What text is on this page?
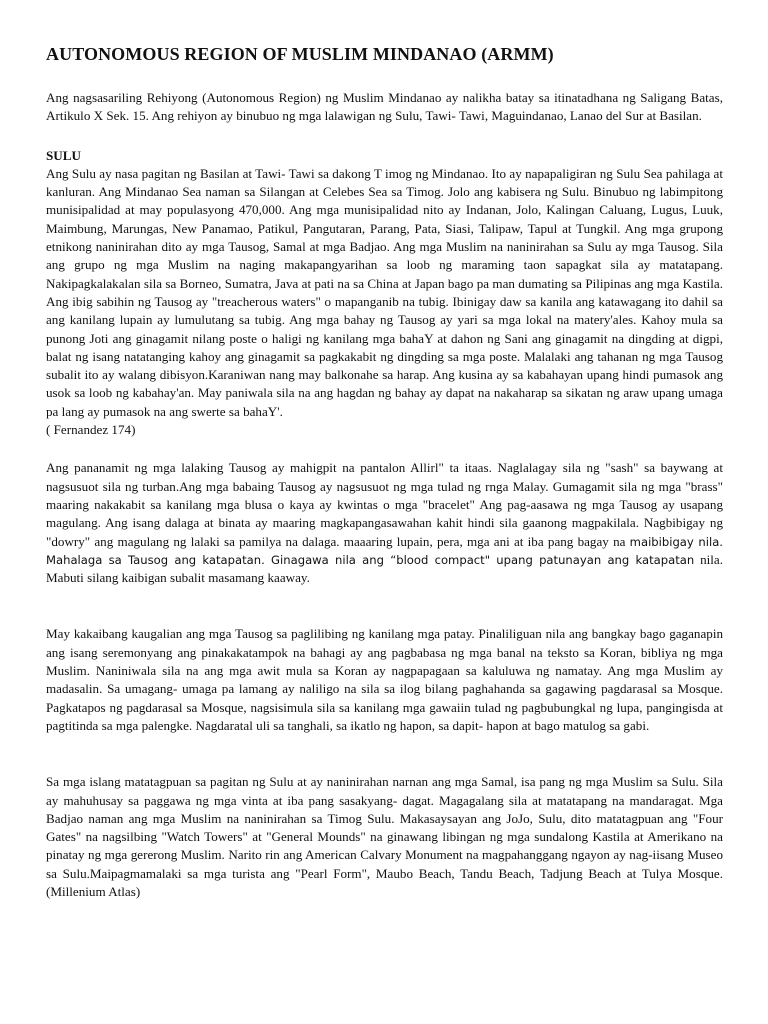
AUTONOMOUS REGION OF MUSLIM MINDANAO (ARMM)

Ang nagsasariling Rehiyong (Autonomous Region) ng Muslim Mindanao ay nalikha batay sa itinatadhana ng Saligang Batas, Artikulo X Sek. 15. Ang rehiyon ay binubuo ng mga lalawigan ng Sulu, Tawi- Tawi, Maguindanao, Lanao del Sur at Basilan.

SULU

Ang Sulu ay nasa pagitan ng Basilan at Tawi- Tawi sa dakong T imog ng Mindanao. Ito ay napapaligiran ng Sulu Sea pahilaga at kanluran. Ang Mindanao Sea naman sa Silangan at Celebes Sea sa Timog. Jolo ang kabisera ng Sulu. Binubuo ng labimpitong munisipalidad at may populasyong 470,000. Ang mga munisipalidad nito ay Indanan, Jolo, Kalingan Caluang, Lugus, Luuk, Maimbung, Marungas, New Panamao, Patikul, Pangutaran, Parang, Pata, Siasi, Talipaw, Tapul at Tungkil. Ang mga grupong etnikong naninirahan dito ay mga Tausog, Samal at mga Badjao. Ang mga Muslim na naninirahan sa Sulu ay mga Tausog. Sila ang grupo ng mga Muslim na naging makapangyarihan sa loob ng maraming taon sapagkat sila ay matatapang. Nakipagkalakalan sila sa Borneo, Sumatra, Java at pati na sa China at Japan bago pa man dumating sa Pilipinas ang mga Kastila. Ang ibig sabihin ng Tausog ay "treacherous waters" o mapanganib na tubig. Ibinigay daw sa kanila ang katawagang ito dahil sa ang kanilang lupain ay lumulutang sa tubig. Ang mga bahay ng Tausog ay yari sa mga lokal na matery'ales. Kahoy mula sa punong Joti ang ginagamit nilang poste o haligi ng kanilang mga bahaY at dahon ng Sani ang ginagamit na dingding at digpi, balat ng isang natatanging kahoy ang ginagamit sa pagkakabit ng dingding sa mga poste. Malalaki ang tahanan ng mga Tausog subalit ito ay walang dibisyon.Karaniwan nang may balkonahe sa harap. Ang kusina ay sa kabahayan upang hindi pumasok ang usok sa loob ng kabahay'an. May paniwala sila na ang hagdan ng bahay ay dapat na nakaharap sa sikatan ng araw upang umaga pa lang ay pumasok na ang swerte sa bahaY'.

( Fernandez 174)

Ang pananamit ng mga lalaking Tausog ay mahigpit na pantalon Allirl" ta itaas. Naglalagay sila ng "sash" sa baywang at nagsusuot sila ng turban.Ang mga babaing Tausog ay nagsusuot ng mga tulad ng rnga Malay. Gumagamit sila ng mga "brass" maaring nakakabit sa kanilang mga blusa o kaya ay kwintas o mga "bracelet" Ang pag-aasawa ng mga Tausog ay usapang magulang. Ang isang dalaga at binata ay maaring magkapangasawahan kahit hindi sila gaanong magpakilala. Nagbibigay ng "dowry" ang magulang ng lalaki sa pamilya na dalaga. maaaring lupain, pera, mga ani at iba pang bagay na maibibigay nila. Mahalaga sa Tausog ang katapatan. Ginagawa nila ang “blood compact" upang patunayan ang katapatan nila. Mabuti silang kaibigan subalit masamang kaaway.

May kakaibang kaugalian ang mga Tausog sa paglilibing ng kanilang mga patay. Pinaliliguan nila ang bangkay bago gaganapin ang isang seremonyang ang pinakakatampok na bahagi ay ang pagbabasa ng mga banal na teksto sa Koran, bibliya ng mga Muslim. Naniniwala sila na ang mga awit mula sa Koran ay nagpapagaan sa kaluluwa ng namatay. Ang mga Muslim ay madasalin. Sa umagang- umaga pa lamang ay naliligo na sila sa ilog bilang paghahanda sa gagawing pagdarasal sa Mosque. Pagkatapos ng pagdarasal sa Mosque, nagsisimula sila sa kanilang mga gawaiin tulad ng pagbubungkal ng lupa, pangingisda at pagtitinda sa mga palengke. Nagdaratal uli sa tanghali, sa ikatlo ng hapon, sa dapit- hapon at bago matulog sa gabi.

Sa mga islang matatagpuan sa pagitan ng Sulu at ay naninirahan narnan ang mga Samal, isa pang ng mga Muslim sa Sulu. Sila ay mahuhusay sa paggawa ng mga vinta at iba pang sasakyang- dagat. Magagalang sila at matatapang na mandaragat. Mga Badjao naman ang mga Muslim na naninirahan sa Timog Sulu. Makasaysayan ang JoJo, Sulu, dito matatagpuan ang "Four Gates" na nagsilbing "Watch Towers" at "General Mounds" na ginawang libingan ng mga sundalong Kastila at Amerikano na pinatay ng mga gererong Muslim. Narito rin ang American Calvary Monument na magpahanggang ngayon ay nag-iisang Museo sa Sulu.Maipagmamalaki sa mga turista ang "Pearl Form", Maubo Beach, Tandu Beach, Tadjung Beach at Tulya Mosque. (Millenium Atlas)
